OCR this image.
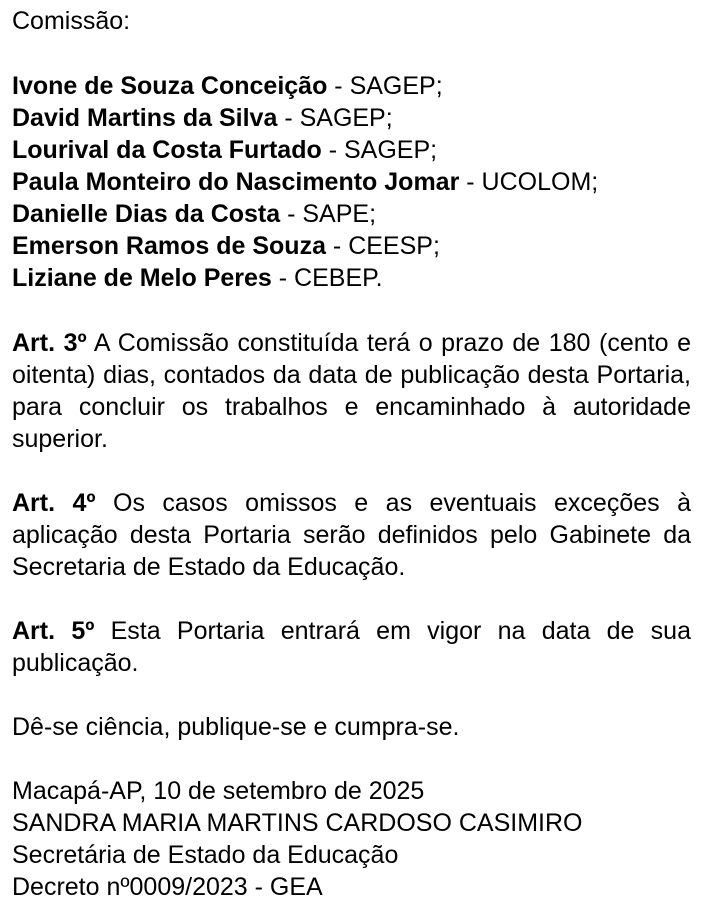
Comissão:
Ivone de Souza Conceição - SAGEP;
David Martins da Silva - SAGEP;
Lourival da Costa Furtado - SAGEP;
Paula Monteiro do Nascimento Jomar - UCOLOM;
Danielle Dias da Costa - SAPE;
Emerson Ramos de Souza - CEESP;
Liziane de Melo Peres - CEBEP.
Art. 3º A Comissão constituída terá o prazo de 180 (cento e oitenta) dias, contados da data de publicação desta Portaria, para concluir os trabalhos e encaminhado à autoridade superior.
Art. 4º Os casos omissos e as eventuais exceções à aplicação desta Portaria serão definidos pelo Gabinete da Secretaria de Estado da Educação.
Art. 5º Esta Portaria entrará em vigor na data de sua publicação.
Dê-se ciência, publique-se e cumpra-se.
Macapá-AP, 10 de setembro de 2025
SANDRA MARIA MARTINS CARDOSO CASIMIRO
Secretária de Estado da Educação
Decreto nº0009/2023 - GEA
